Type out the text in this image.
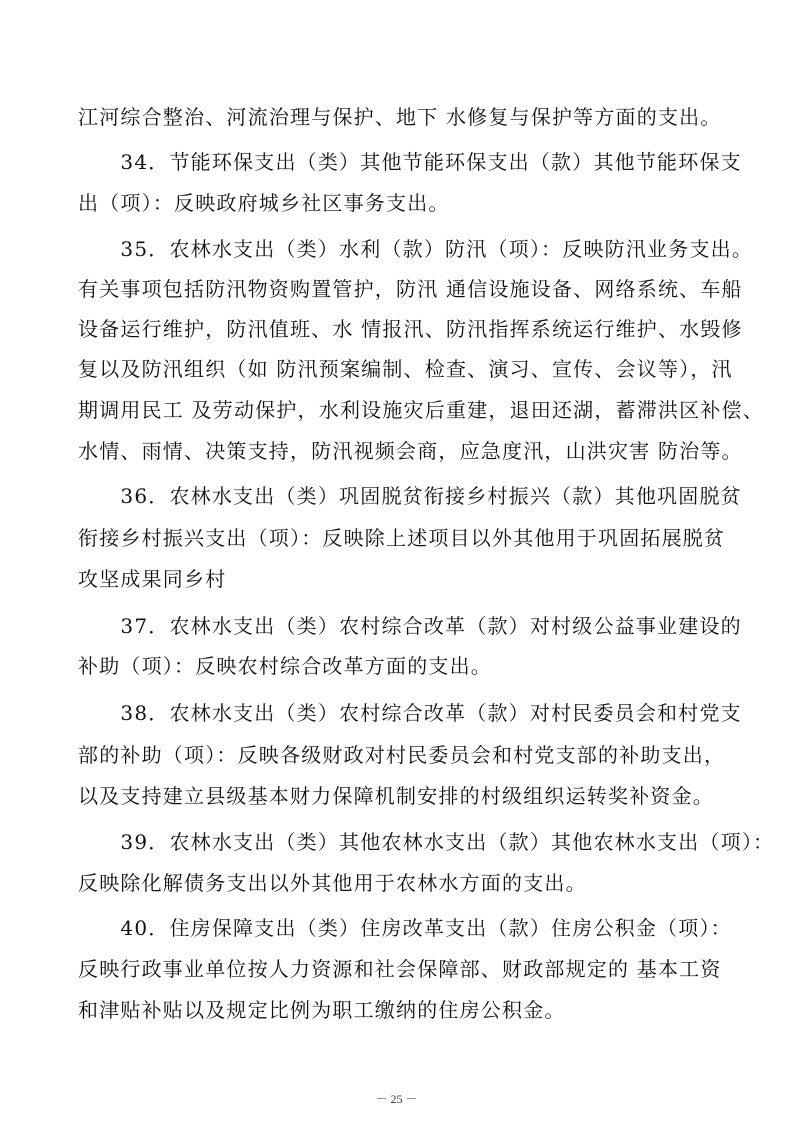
江河综合整治、河流治理与保护、地下 水修复与保护等方面的支出。
　　34．节能环保支出（类）其他节能环保支出（款）其他节能环保支
出（项）：反映政府城乡社区事务支出。
　　35．农林水支出（类）水利（款）防汛（项）：反映防汛业务支出。
有关事项包括防汛物资购置管护，防汛 通信设施设备、网络系统、车船
设备运行维护，防汛值班、水 情报汛、防汛指挥系统运行维护、水毁修
复以及防汛组织（如 防汛预案编制、检查、演习、宣传、会议等），汛
期调用民工 及劳动保护，水利设施灾后重建，退田还湖，蓄滞洪区补偿、
水情、雨情、决策支持，防汛视频会商，应急度汛，山洪灾害 防治等。
　　36．农林水支出（类）巩固脱贫衔接乡村振兴（款）其他巩固脱贫
衔接乡村振兴支出（项）：反映除上述项目以外其他用于巩固拓展脱贫
攻坚成果同乡村
　　37．农林水支出（类）农村综合改革（款）对村级公益事业建设的
补助（项）：反映农村综合改革方面的支出。
　　38．农林水支出（类）农村综合改革（款）对村民委员会和村党支
部的补助（项）：反映各级财政对村民委员会和村党支部的补助支出，
以及支持建立县级基本财力保障机制安排的村级组织运转奖补资金。
　　39．农林水支出（类）其他农林水支出（款）其他农林水支出（项）：
反映除化解债务支出以外其他用于农林水方面的支出。
　　40．住房保障支出（类）住房改革支出（款）住房公积金（项）：
反映行政事业单位按人力资源和社会保障部、财政部规定的 基本工资
和津贴补贴以及规定比例为职工缴纳的住房公积金。
－ 25 －
